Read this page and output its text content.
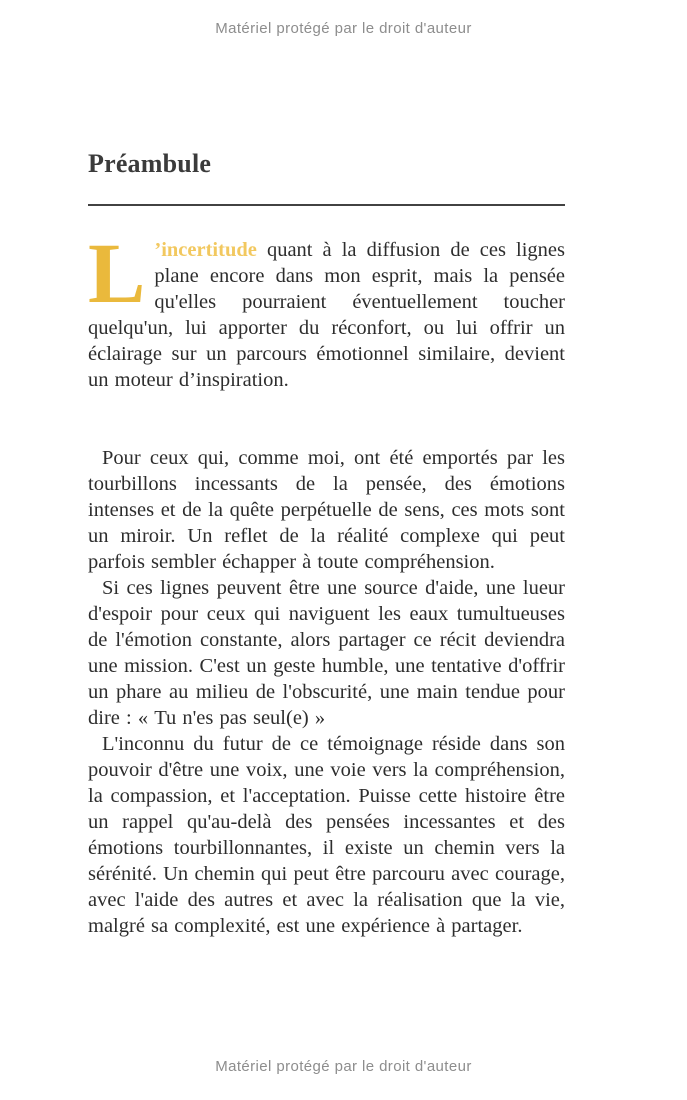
Matériel protégé par le droit d'auteur
Préambule

L ’incertitude quant à la diffusion de ces lignes plane encore dans mon esprit, mais la pensée qu'elles pourraient éventuellement toucher quelqu'un, lui apporter du réconfort, ou lui offrir un éclairage sur un parcours émotionnel similaire, devient un moteur d’inspiration.

Pour ceux qui, comme moi, ont été emportés par les tourbillons incessants de la pensée, des émotions intenses et de la quête perpétuelle de sens, ces mots sont un miroir. Un reflet de la réalité complexe qui peut parfois sembler échapper à toute compréhension.

Si ces lignes peuvent être une source d'aide, une lueur d'espoir pour ceux qui naviguent les eaux tumultueuses de l'émotion constante, alors partager ce récit deviendra une mission. C'est un geste humble, une tentative d'offrir un phare au milieu de l'obscurité, une main tendue pour dire : « Tu n'es pas seul(e) »

L'inconnu du futur de ce témoignage réside dans son pouvoir d'être une voix, une voie vers la compréhension, la compassion, et l'acceptation. Puisse cette histoire être un rappel qu'au-delà des pensées incessantes et des émotions tourbillonnantes, il existe un chemin vers la sérénité. Un chemin qui peut être parcouru avec courage, avec l'aide des autres et avec la réalisation que la vie, malgré sa complexité, est une expérience à partager.

Matériel protégé par le droit d'auteur
